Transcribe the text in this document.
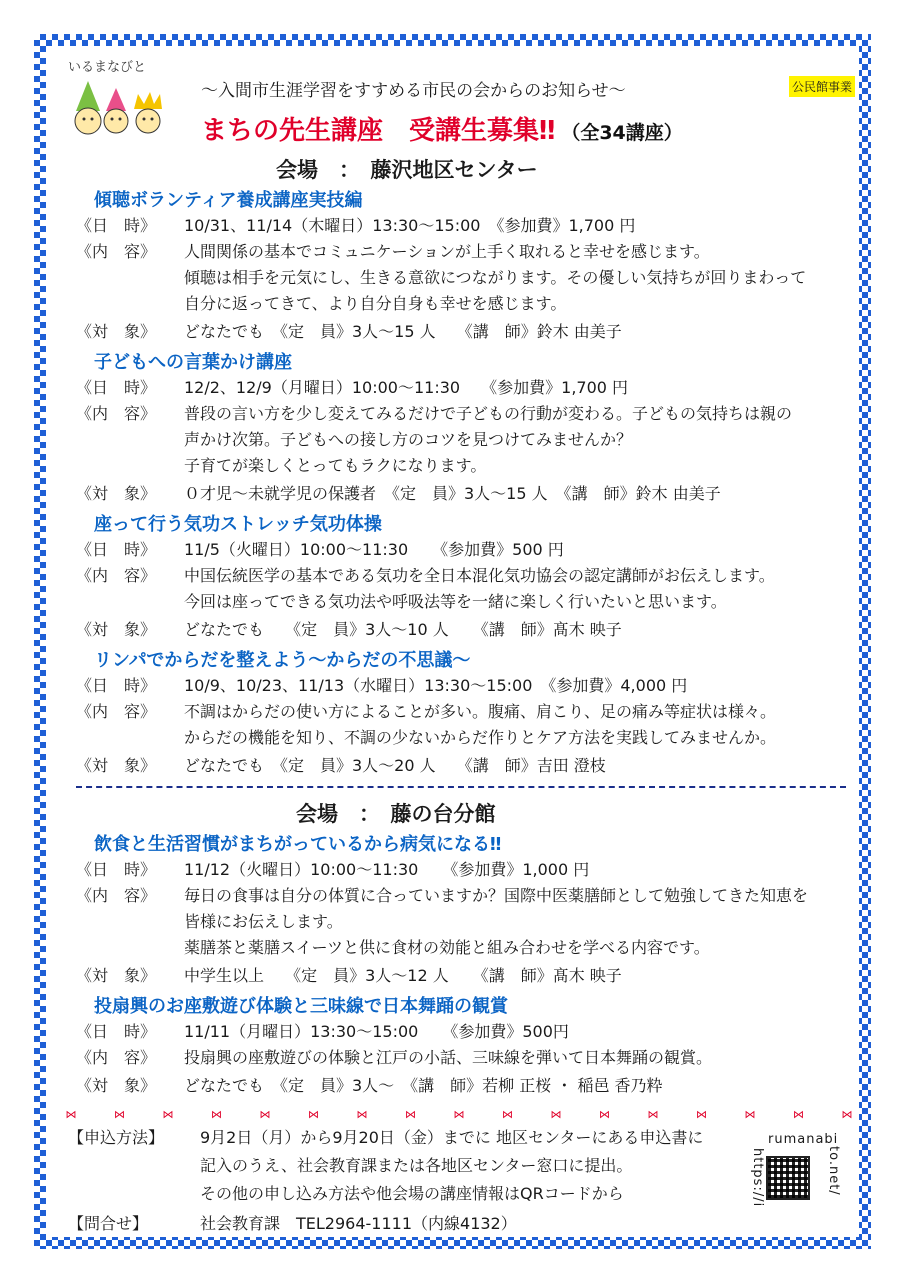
いるまなびと
～入間市生涯学習をすすめる市民の会からのお知らせ～	公民館事業
まちの先生講座　受講生募集‼ （全34講座）
会場　：　藤沢地区センター
傾聴ボランティア養成講座実技編
《日　時》 10/31、11/14（木曜日）13:30～15:00　《参加費》1,700 円
《内　容》 人間関係の基本でコミュニケーションが上手く取れると幸せを感じます。
傾聴は相手を元気にし、生きる意欲につながります。その優しい気持ちが回りまわって
自分に返ってきて、より自分自身も幸せを感じます。
《対　象》 どなたでも　《定　員》3人～15 人　 《講　師》鈴木 由美子
子どもへの言葉かけ講座
《日　時》 12/2、12/9（月曜日）10:00～11:30　 《参加費》1,700 円
《内　容》 普段の言い方を少し変えてみるだけで子どもの行動が変わる。子どもの気持ちは親の
声かけ次第。子どもへの接し方のコツを見つけてみませんか？
子育てが楽しくとってもラクになります。
《対　象》 ０才児～未就学児の保護者　《定　員》3人～15 人　《講　師》鈴木 由美子
座って行う気功ストレッチ気功体操
《日　時》 11/5（火曜日）10:00～11:30　　《参加費》500 円
《内　容》 中国伝統医学の基本である気功を全日本混化気功協会の認定講師がお伝えします。
今回は座ってできる気功法や呼吸法等を一緒に楽しく行いたいと思います。
《対　象》 どなたでも　 《定　員》3人～10 人　　《講　師》髙木 映子
リンパでからだを整えよう～からだの不思議～
《日　時》 10/9、10/23、11/13（水曜日）13:30～15:00　《参加費》4,000 円
《内　容》 不調はからだの使い方によることが多い。腹痛、肩こり、足の痛み等症状は様々。
からだの機能を知り、不調の少ないからだ作りとケア方法を実践してみませんか。
《対　象》 どなたでも　《定　員》3人～20 人　 《講　師》吉田 澄枝
会場　：　藤の台分館
飲食と生活習慣がまちがっているから病気になる‼
《日　時》 11/12（火曜日）10:00～11:30　　《参加費》1,000 円
《内　容》 毎日の食事は自分の体質に合っていますか？国際中医薬膳師として勉強してきた知恵を
皆様にお伝えします。
薬膳茶と薬膳スイーツと供に食材の効能と組み合わせを学べる内容です。
《対　象》 中学生以上　 《定　員》3人～12 人　　《講　師》髙木 映子
投扇興のお座敷遊び体験と三味線で日本舞踊の観賞
《日　時》 11/11（月曜日）13:30～15:00　　《参加費》500円
《内　容》 投扇興の座敷遊びの体験と江戸の小話、三味線を弾いて日本舞踊の観賞。
《対　象》 どなたでも　《定　員》3人～　《講　師》若柳 正桜 ・ 稲邑 香乃粋
⋈	⋈	⋈	⋈	⋈	⋈	⋈	⋈	⋈	⋈	⋈	⋈	⋈	⋈	⋈	⋈	⋈
【申込方法】 9月2日（月）から9月20日（金）までに 地区センターにある申込書に
記入のうえ、社会教育課または各地区センター窓口に提出。
その他の申し込み方法や他会場の講座情報はQRコードから
【問合せ】	社会教育課　TEL2964-1111（内線4132）
https://i
rumanabi
to.net/
